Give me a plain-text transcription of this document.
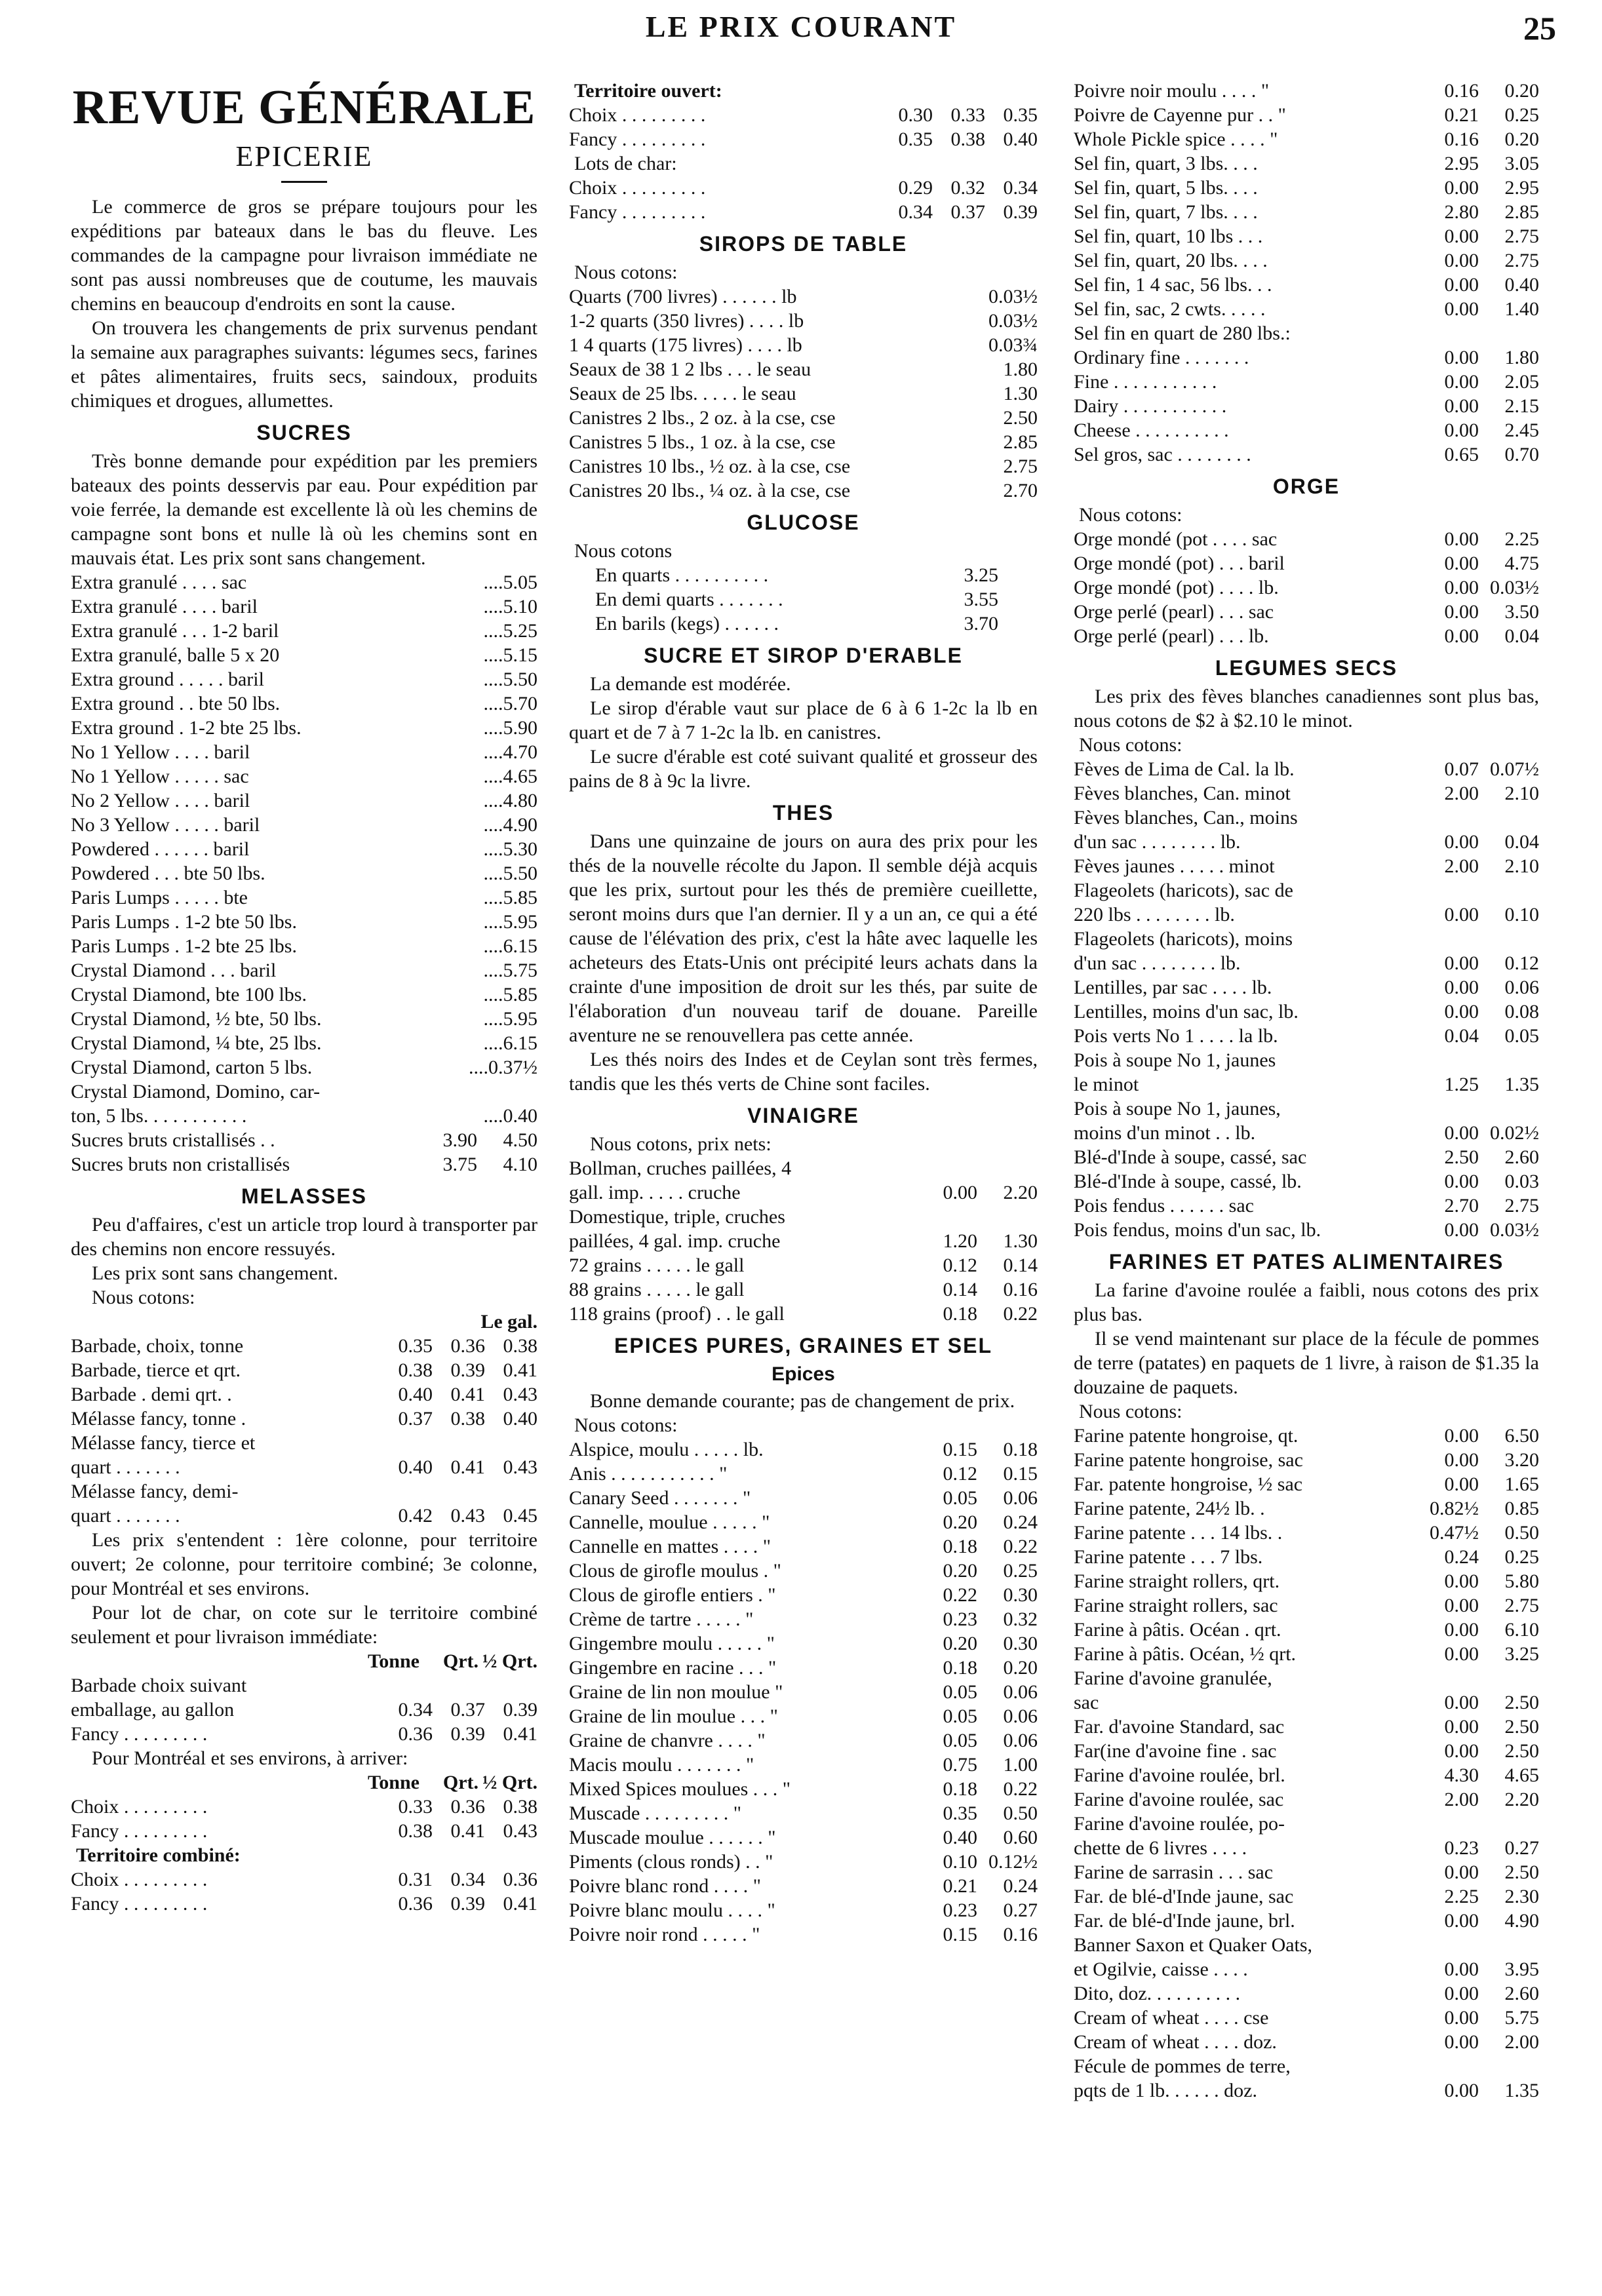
LE PRIX COURANT	25
REVUE GÉNÉRALE
EPICERIE

Le commerce de gros se prépare toujours pour les expéditions par bateaux dans le bas du fleuve. Les commandes de la campagne pour livraison immédiate ne sont pas aussi nombreuses que de coutume, les mauvais chemins en beaucoup d'endroits en sont la cause.

On trouvera les changements de prix survenus pendant la semaine aux paragraphes suivants: légumes secs, farines et pâtes alimentaires, fruits secs, saindoux, produits chimiques et drogues, allumettes.

SUCRES

Très bonne demande pour expédition par les premiers bateaux des points desservis par eau. Pour expédition par voie ferrée, la demande est excellente là où les chemins de campagne sont bons et nulle là où les chemins sont en mauvais état. Les prix sont sans changement.

Extra granulé . . . . sac	....5.05
Extra granulé . . . . baril	....5.10
Extra granulé . . . 1-2 baril	....5.25
Extra granulé, balle 5 x 20	....5.15
Extra ground . . . . . baril	....5.50
Extra ground . . bte 50 lbs.	....5.70
Extra ground . 1-2 bte 25 lbs.	....5.90
No 1 Yellow . . . . baril	....4.70
No 1 Yellow . . . . . sac	....4.65
No 2 Yellow . . . . baril	....4.80
No 3 Yellow . . . . . baril	....4.90
Powdered . . . . . . baril	....5.30
Powdered . . . bte 50 lbs.	....5.50
Paris Lumps . . . . . bte	....5.85
Paris Lumps . 1-2 bte 50 lbs.	....5.95
Paris Lumps . 1-2 bte 25 lbs.	....6.15
Crystal Diamond . . . baril	....5.75
Crystal Diamond, bte 100 lbs.	....5.85
Crystal Diamond, ½ bte, 50 lbs.	....5.95
Crystal Diamond, ¼ bte, 25 lbs.	....6.15
Crystal Diamond, carton 5 lbs.	....0.37½
Crystal Diamond, Domino, car-
ton, 5 lbs. . . . . . . . . . .	....0.40
Sucres bruts cristallisés . .	3.90	4.50
Sucres bruts non cristallisés	3.75	4.10
MELASSES

Peu d'affaires, c'est un article trop lourd à transporter par des chemins non encore ressuyés.

Les prix sont sans changement.

Nous cotons:

Le gal.
Barbade, choix, tonne	0.35 0.36 0.38
Barbade, tierce et qrt.	0.38 0.39 0.41
Barbade . demi qrt. .	0.40 0.41 0.43
Mélasse fancy, tonne .	0.37 0.38 0.40
Mélasse fancy, tierce et
quart . . . . . . .	0.40 0.41 0.43
Mélasse fancy, demi-
quart . . . . . . .	0.42 0.43 0.45

Les prix s'entendent : 1ère colonne, pour territoire ouvert; 2e colonne, pour territoire combiné; 3e colonne, pour Montréal et ses environs.

Pour lot de char, on cote sur le territoire combiné seulement et pour livraison immédiate:

Tonne	Qrt. ½ Qrt.
Barbade choix suivant
emballage, au gallon	0.34 0.37 0.39
Fancy . . . . . . . . .	0.36 0.39 0.41

Pour Montréal et ses environs, à arriver:

Tonne	Qrt. ½ Qrt.
Choix . . . . . . . . .	0.33 0.36 0.38
Fancy . . . . . . . . .	0.38 0.41 0.43
Territoire combiné:
Choix . . . . . . . . .	0.31 0.34 0.36
Fancy . . . . . . . . .	0.36 0.39 0.41
Territoire ouvert:
Choix . . . . . . . . .	0.30 0.33 0.35
Fancy . . . . . . . . .	0.35 0.38 0.40
Lots de char:
Choix . . . . . . . . .	0.29 0.32 0.34
Fancy . . . . . . . . .	0.34 0.37 0.39
SIROPS DE TABLE
Nous cotons:
Quarts (700 livres) . . . . . . lb	0.03½
1-2 quarts (350 livres) . . . . lb	0.03½
1 4 quarts (175 livres) . . . . lb	0.03¾
Seaux de 38 1 2 lbs . . . le seau	1.80
Seaux de 25 lbs. . . . . le seau	1.30
Canistres 2 lbs., 2 oz. à la cse, cse	2.50
Canistres 5 lbs., 1 oz. à la cse, cse	2.85
Canistres 10 lbs., ½ oz. à la cse, cse	2.75
Canistres 20 lbs., ¼ oz. à la cse, cse	2.70
GLUCOSE
Nous cotons
En quarts . . . . . . . . . .	3.25
En demi quarts . . . . . . .	3.55
En barils (kegs) . . . . . .	3.70
SUCRE ET SIROP D'ERABLE

La demande est modérée.

Le sirop d'érable vaut sur place de 6 à 6 1-2c la lb en quart et de 7 à 7 1-2c la lb. en canistres.

Le sucre d'érable est coté suivant qualité et grosseur des pains de 8 à 9c la livre.

THES

Dans une quinzaine de jours on aura des prix pour les thés de la nouvelle récolte du Japon. Il semble déjà acquis que les prix, surtout pour les thés de première cueillette, seront moins durs que l'an dernier. Il y a un an, ce qui a été cause de l'élévation des prix, c'est la hâte avec laquelle les acheteurs des Etats-Unis ont précipité leurs achats dans la crainte d'une imposition de droit sur les thés, par suite de l'élaboration d'un nouveau tarif de douane. Pareille aventure ne se renouvellera pas cette année.

Les thés noirs des Indes et de Ceylan sont très fermes, tandis que les thés verts de Chine sont faciles.

VINAIGRE

Nous cotons, prix nets:

Bollman, cruches paillées, 4
gall. imp. . . . . cruche	0.00	2.20
Domestique, triple, cruches
paillées, 4 gal. imp. cruche	1.20	1.30
72 grains . . . . . le gall	0.12	0.14
88 grains . . . . . le gall	0.14	0.16
118 grains (proof) . . le gall	0.18	0.22
EPICES PURES, GRAINES ET SEL
Epices

Bonne demande courante; pas de changement de prix.

Nous cotons:
Alspice, moulu . . . . . lb.	0.15	0.18
Anis . . . . . . . . . . . "	0.12	0.15
Canary Seed . . . . . . . "	0.05	0.06
Cannelle, moulue . . . . . "	0.20	0.24
Cannelle en mattes . . . . "	0.18	0.22
Clous de girofle moulus . "	0.20	0.25
Clous de girofle entiers . "	0.22	0.30
Crème de tartre . . . . . "	0.23	0.32
Gingembre moulu . . . . . "	0.20	0.30
Gingembre en racine . . . "	0.18	0.20
Graine de lin non moulue "	0.05	0.06
Graine de lin moulue . . . "	0.05	0.06
Graine de chanvre . . . . "	0.05	0.06
Macis moulu . . . . . . . "	0.75	1.00
Mixed Spices moulues . . . "	0.18	0.22
Muscade . . . . . . . . . "	0.35	0.50
Muscade moulue . . . . . . "	0.40	0.60
Piments (clous ronds) . . "	0.10 0.12½
Poivre blanc rond . . . . "	0.21	0.24
Poivre blanc moulu . . . . "	0.23	0.27
Poivre noir rond . . . . . "	0.15	0.16
Poivre noir moulu . . . . "	0.16	0.20
Poivre de Cayenne pur . . "	0.21	0.25
Whole Pickle spice . . . . "	0.16	0.20
Sel fin, quart, 3 lbs. . . .	2.95	3.05
Sel fin, quart, 5 lbs. . . .	0.00	2.95
Sel fin, quart, 7 lbs. . . .	2.80	2.85
Sel fin, quart, 10 lbs . . .	0.00	2.75
Sel fin, quart, 20 lbs. . . .	0.00	2.75
Sel fin, 1 4 sac, 56 lbs. . .	0.00	0.40
Sel fin, sac, 2 cwts. . . . .	0.00	1.40
Sel fin en quart de 280 lbs.:
Ordinary fine . . . . . . .	0.00	1.80
Fine . . . . . . . . . . .	0.00	2.05
Dairy . . . . . . . . . . .	0.00	2.15
Cheese . . . . . . . . . .	0.00	2.45
Sel gros, sac . . . . . . . .	0.65	0.70
ORGE
Nous cotons:
Orge mondé (pot . . . . sac	0.00	2.25
Orge mondé (pot) . . . baril	0.00	4.75
Orge mondé (pot) . . . . lb.	0.00 0.03½
Orge perlé (pearl) . . . sac	0.00	3.50
Orge perlé (pearl) . . . lb.	0.00	0.04
LEGUMES SECS

Les prix des fèves blanches canadiennes sont plus bas, nous cotons de $2 à $2.10 le minot.

Nous cotons:
Fèves de Lima de Cal. la lb.	0.07 0.07½
Fèves blanches, Can. minot	2.00	2.10
Fèves blanches, Can., moins
d'un sac . . . . . . . . lb.	0.00	0.04
Fèves jaunes . . . . . minot	2.00	2.10
Flageolets (haricots), sac de
220 lbs . . . . . . . . lb.	0.00	0.10
Flageolets (haricots), moins
d'un sac . . . . . . . . lb.	0.00	0.12
Lentilles, par sac . . . . lb.	0.00	0.06
Lentilles, moins d'un sac, lb.	0.00	0.08
Pois verts No 1 . . . . la lb.	0.04	0.05
Pois à soupe No 1, jaunes
le minot	1.25	1.35
Pois à soupe No 1, jaunes,
moins d'un minot . . lb.	0.00 0.02½
Blé-d'Inde à soupe, cassé, sac	2.50	2.60
Blé-d'Inde à soupe, cassé, lb.	0.00	0.03
Pois fendus . . . . . . sac	2.70	2.75
Pois fendus, moins d'un sac, lb.	0.00 0.03½
FARINES ET PATES ALIMENTAIRES

La farine d'avoine roulée a faibli, nous cotons des prix plus bas.

Il se vend maintenant sur place de la fécule de pommes de terre (patates) en paquets de 1 livre, à raison de $1.35 la douzaine de paquets.

Nous cotons:
Farine patente hongroise, qt.	0.00	6.50
Farine patente hongroise, sac	0.00	3.20
Far. patente hongroise, ½ sac	0.00	1.65
Farine patente, 24½ lb. .	0.82½	0.85
Farine patente . . . 14 lbs. .	0.47½	0.50
Farine patente . . . 7 lbs.	0.24	0.25
Farine straight rollers, qrt.	0.00	5.80
Farine straight rollers, sac	0.00	2.75
Farine à pâtis. Océan . qrt.	0.00	6.10
Farine à pâtis. Océan, ½ qrt.	0.00	3.25
Farine d'avoine granulée,
sac	0.00	2.50
Far. d'avoine Standard, sac	0.00	2.50
Far(ine d'avoine fine . sac	0.00	2.50
Farine d'avoine roulée, brl.	4.30	4.65
Farine d'avoine roulée, sac	2.00	2.20
Farine d'avoine roulée, po-
chette de 6 livres . . . .	0.23	0.27
Farine de sarrasin . . . sac	0.00	2.50
Far. de blé-d'Inde jaune, sac	2.25	2.30
Far. de blé-d'Inde jaune, brl.	0.00	4.90
Banner Saxon et Quaker Oats,
et Ogilvie, caisse . . . .	0.00	3.95
Dito, doz. . . . . . . . . .	0.00	2.60
Cream of wheat . . . . cse	0.00	5.75
Cream of wheat . . . . doz.	0.00	2.00
Fécule de pommes de terre,
pqts de 1 lb. . . . . . doz.	0.00	1.35
